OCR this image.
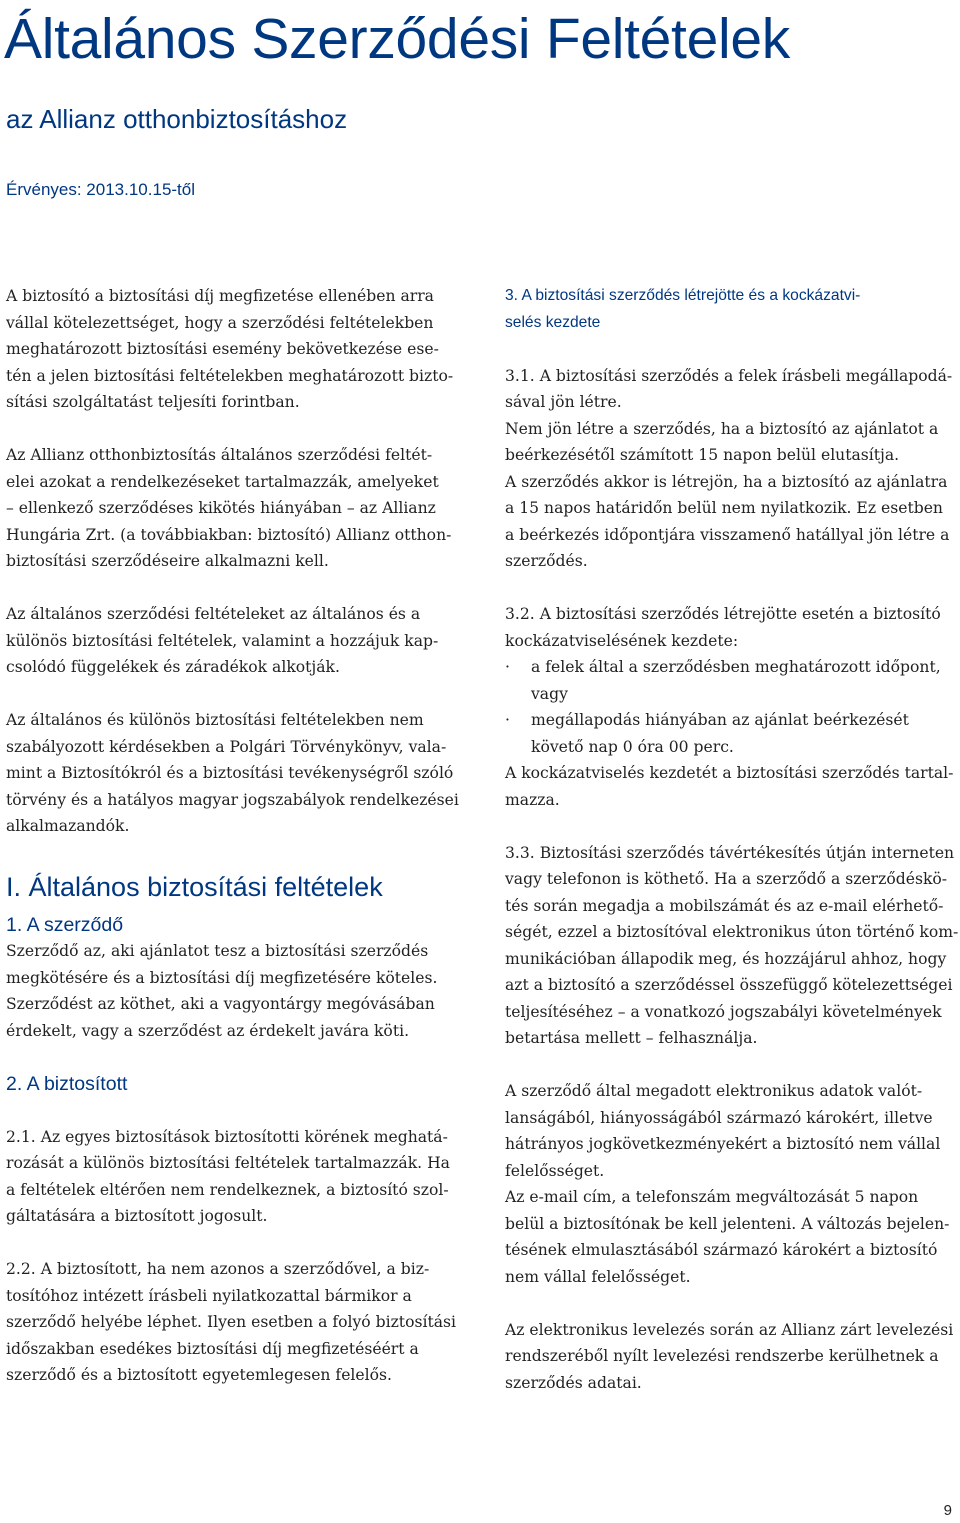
Általános Szerződési Feltételek
az Allianz otthonbiztosításhoz

Érvényes: 2013.10.15-től

A biztosító a biztosítási díj megfizetése ellenében arra

vállal kötelezettséget, hogy a szerződési feltételekben

meghatározott biztosítási esemény bekövetkezése ese-

tén a jelen biztosítási feltételekben meghatározott bizto-

sítási szolgáltatást teljesíti forintban.

Az Allianz otthonbiztosítás általános szerződési feltét-

elei azokat a rendelkezéseket tartalmazzák, amelyeket

– ellenkező szerződéses kikötés hiányában – az Allianz

Hungária Zrt. (a továbbiakban: biztosító) Allianz otthon-

biztosítási szerződéseire alkalmazni kell.

Az általános szerződési feltételeket az általános és a

különös biztosítási feltételek, valamint a hozzájuk kap-

csolódó függelékek és záradékok alkotják.

Az általános és különös biztosítási feltételekben nem

szabályozott kérdésekben a Polgári Törvénykönyv, vala-

mint a Biztosítókról és a biztosítási tevékenységről szóló

törvény és a hatályos magyar jogszabályok rendelkezései

alkalmazandók.

I. Általános biztosítási feltételek
1. A szerződő

Szerződő az, aki ajánlatot tesz a biztosítási szerződés

megkötésére és a biztosítási díj megfizetésére köteles.

Szerződést az köthet, aki a vagyontárgy megóvásában

érdekelt, vagy a szerződést az érdekelt javára köti.

2. A biztosított

2.1. Az egyes biztosítások biztosítotti körének meghatá-

rozását a különös biztosítási feltételek tartalmazzák. Ha

a feltételek eltérően nem rendelkeznek, a biztosító szol-

gáltatására a biztosított jogosult.

2.2. A biztosított, ha nem azonos a szerződővel, a biz-

tosítóhoz intézett írásbeli nyilatkozattal bármikor a

szerződő helyébe léphet. Ilyen esetben a folyó biztosítási

időszakban esedékes biztosítási díj megfizetéséért a

szerződő és a biztosított egyetemlegesen felelős.

3. A biztosítási szerződés létrejötte és a kockázatvi-

selés kezdete

3.1. A biztosítási szerződés a felek írásbeli megállapodá-

sával jön létre.

Nem jön létre a szerződés, ha a biztosító az ajánlatot a

beérkezésétől számított 15 napon belül elutasítja.

A szerződés akkor is létrejön, ha a biztosító az ajánlatra

a 15 napos határidőn belül nem nyilatkozik. Ez esetben

a beérkezés időpontjára visszamenő hatállyal jön létre a

szerződés.

3.2. A biztosítási szerződés létrejötte esetén a biztosító

kockázatviselésének kezdete:

· a felek által a szerződésben meghatározott időpont,
vagy
· megállapodás hiányában az ajánlat beérkezését
követő nap 0 óra 00 perc.

A kockázatviselés kezdetét a biztosítási szerződés tartal-

mazza.

3.3. Biztosítási szerződés távértékesítés útján interneten

vagy telefonon is köthető. Ha a szerződő a szerződéskö-

tés során megadja a mobilszámát és az e-mail elérhető-

ségét, ezzel a biztosítóval elektronikus úton történő kom-

munikációban állapodik meg, és hozzájárul ahhoz, hogy

azt a biztosító a szerződéssel összefüggő kötelezettségei

teljesítéséhez – a vonatkozó jogszabályi követelmények

betartása mellett – felhasználja.

A szerződő által megadott elektronikus adatok valót-

lanságából, hiányosságából származó károkért, illetve

hátrányos jogkövetkezményekért a biztosító nem vállal

felelősséget.

Az e-mail cím, a telefonszám megváltozását 5 napon

belül a biztosítónak be kell jelenteni. A változás bejelen-

tésének elmulasztásából származó károkért a biztosító

nem vállal felelősséget.

Az elektronikus levelezés során az Allianz zárt levelezési

rendszeréből nyílt levelezési rendszerbe kerülhetnek a

szerződés adatai.

9
